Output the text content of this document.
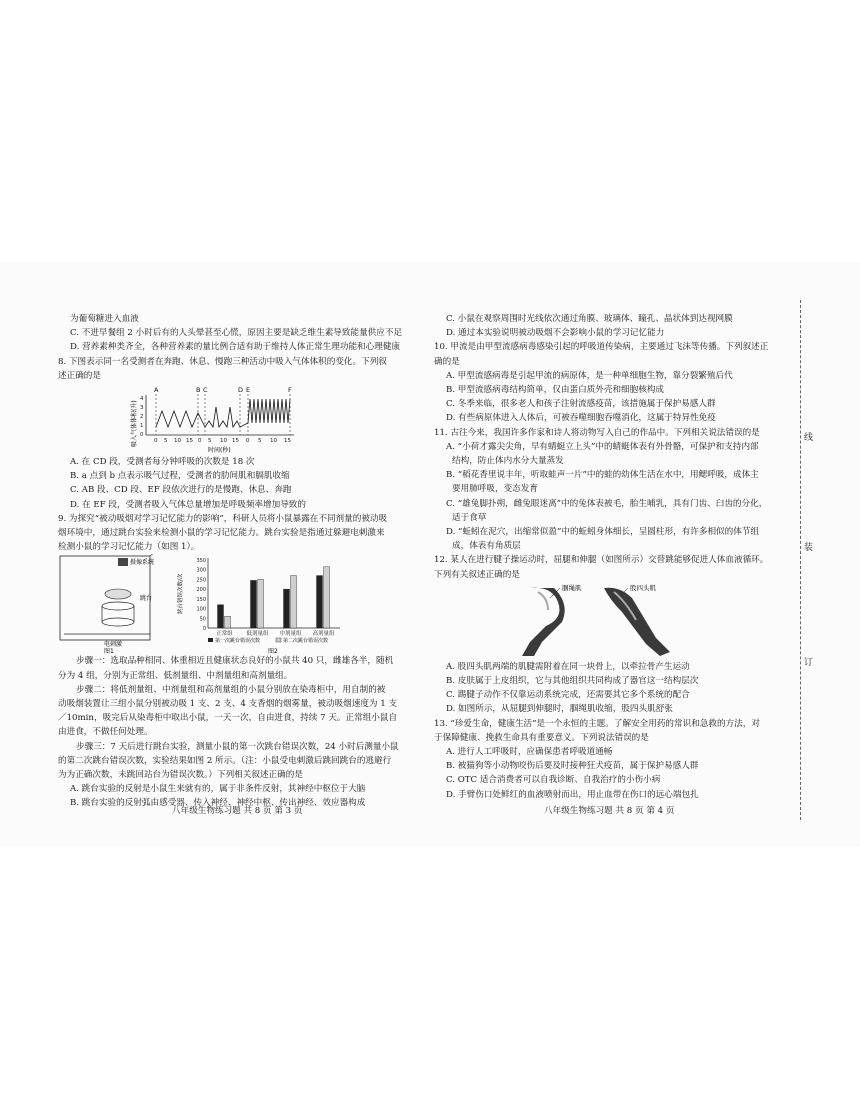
为葡萄糖进入血液
C. 不进早餐组 2 小时后有的人头晕甚至心慌，原因主要是缺乏维生素导致能量供应不足
D. 营养素种类齐全，各种营养素的量比例合适有助于维持人体正常生理功能和心理健康
8. 下图表示同一名受测者在奔跑、休息、慢跑三种活动中吸入气体体积的变化。下列叙
述正确的是
吸入气体体积(升) 0
1
2
3
4
A	B C	D E	F
0 5 10 15 0 5 10 15 0 5 10 15
时间(秒)
A. 在 CD 段，受测者每分钟呼吸的次数是 18 次
B. a 点到 b 点表示吸气过程，受测者的肋间肌和膈肌收缩
C. AB 段、CD 段、EF 段依次进行的是慢跑、休息、奔跑
D. 在 EF 段，受测者吸入气体总量增加是呼吸频率增加导致的
9. 为探究“被动吸烟对学习记忆能力的影响”，科研人员将小鼠暴露在不同剂量的被动吸
烟环境中，通过跳台实验来检测小鼠的学习记忆能力。跳台实验是指通过躲避电刺激来
检测小鼠的学习记忆能力（如图 1）。
摄像系统
跳台
电刺激
图1
跳台错误次数/次
0
50
100
150
200
250
300
350
正常组 低剂量组 中剂量组 高剂量组
第一次跳台错误次数	第二次跳台错误次数
图2
步骤一：选取品种相同、体重相近且健康状态良好的小鼠共 40 只，雌雄各半，随机
分为 4 组，分别为正常组、低剂量组、中剂量组和高剂量组。
步骤二：将低剂量组、中剂量组和高剂量组的小鼠分别放在染毒柜中，用自制的被
动吸烟装置让三组小鼠分别被动吸 1 支、2 支、4 支香烟的烟雾量，被动吸烟速度为 1 支
／10min，吸完后从染毒柜中取出小鼠，一天一次，自由进食，持续 7 天。正常组小鼠自
由进食，不做任何处理。
步骤三：7 天后进行跳台实验，测量小鼠的第一次跳台错误次数，24 小时后测量小鼠
的第二次跳台错误次数，实验结果如图 2 所示。（注：小鼠受电刺激后跳回跳台的逃避行
为为正确次数，未跳回站台为错误次数。）下列相关叙述正确的是
A. 跳台实验的反射是小鼠生来就有的，属于非条件反射，其神经中枢位于大脑
B. 跳台实验的反射弧由感受器、传入神经、神经中枢、传出神经、效应器构成
C. 小鼠在观察周围时光线依次通过角膜、玻璃体、瞳孔、晶状体到达视网膜
D. 通过本实验说明被动吸烟不会影响小鼠的学习记忆能力
10. 甲流是由甲型流感病毒感染引起的呼吸道传染病，主要通过飞沫等传播。下列叙述正
确的是
A. 甲型流感病毒是引起甲流的病原体，是一种单细胞生物，靠分裂繁殖后代
B. 甲型流感病毒结构简单，仅由蛋白质外壳和细胞核构成
C. 冬季来临，很多老人和孩子注射流感疫苗，该措施属于保护易感人群
D. 有些病原体进入人体后，可被吞噬细胞吞噬消化，这属于特异性免疫
11. 古往今来，我国许多作家和诗人将动物写入自己的作品中。下列相关说法错误的是
A. “小荷才露尖尖角，早有蜻蜓立上头”中的蜻蜓体表有外骨骼，可保护和支持内部
结构，防止体内水分大量蒸发
B. “稻花香里说丰年，听取蛙声一片”中的蛙的幼体生活在水中，用鳃呼吸，成体主
要用肺呼吸，变态发育
C. “雄兔脚扑朔，雌兔眼迷离”中的兔体表被毛，胎生哺乳，具有门齿、臼齿的分化，
适于食草
D. “蚯蚓在泥穴，出缩常似盈”中的蚯蚓身体细长，呈圆柱形，有许多相似的体节组
成，体表有角质层
12. 某人在进行腱子操运动时，屈腿和伸腿（如图所示）交替跳能够促进人体血液循环。
下列有关叙述正确的是
腘绳肌	股四头肌
A. 股四头肌两端的肌腱需附着在同一块骨上，以牵拉骨产生运动
B. 皮肤属于上皮组织，它与其他组织共同构成了器官这一结构层次
C. 踢腱子动作不仅靠运动系统完成，还需要其它多个系统的配合
D. 如图所示，从屈腿到伸腿时，腘绳肌收缩，股四头肌舒张
13. “珍爱生命，健康生活”是一个永恒的主题。了解安全用药的常识和急救的方法，对
于保障健康、挽救生命具有重要意义。下列说法错误的是
A. 进行人工呼吸时，应确保患者呼吸道通畅
B. 被猫狗等小动物咬伤后要及时接种狂犬疫苗，属于保护易感人群
C. OTC 适合消费者可以自我诊断、自我治疗的小伤小病
D. 手臂伤口处鲜红的血液喷射而出，用止血带在伤口的远心端包扎
八年级生物练习题 共 8 页 第 3 页	八年级生物练习题 共 8 页 第 4 页
线
装
订
